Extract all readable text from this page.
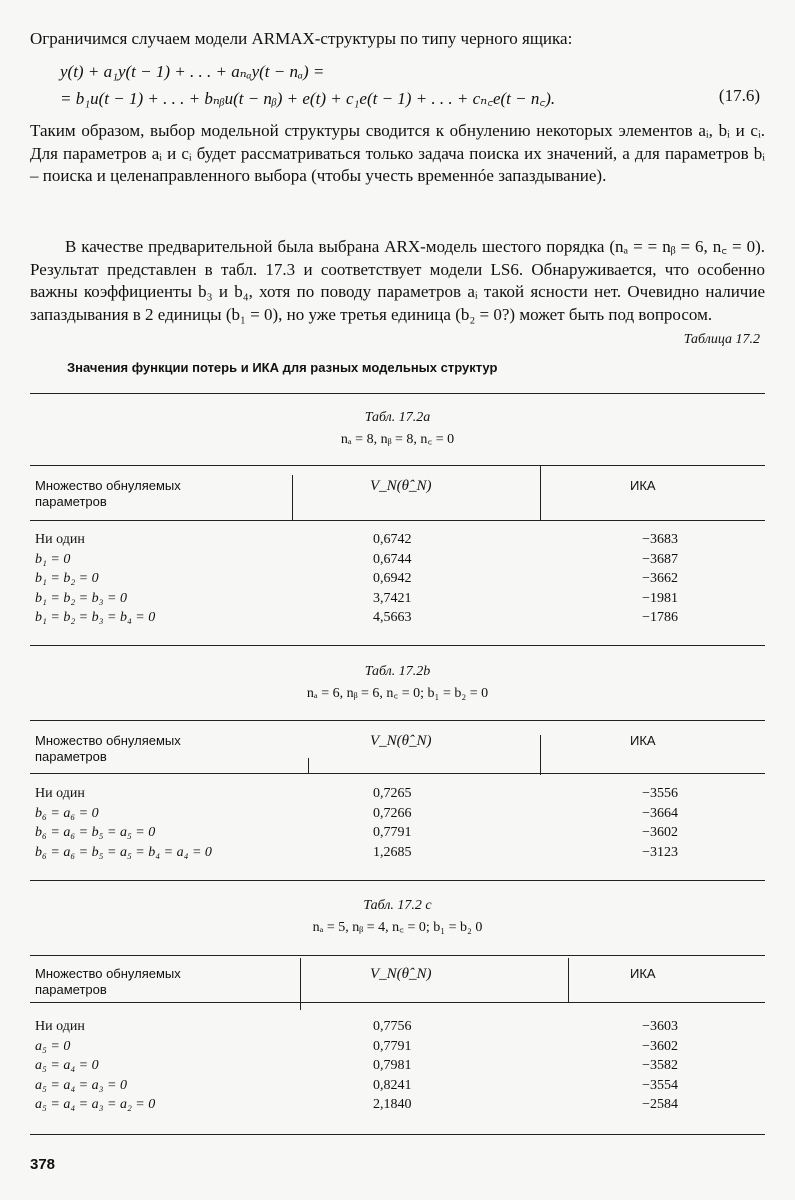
Ограничимся случаем модели ARMAX-структуры по типу черного ящика:

y(t) + a₁y(t − 1) + . . . + aₙₐy(t − nₐ) =
= b₁u(t − 1) + . . . + bₙᵦu(t − nᵦ) + e(t) + c₁e(t − 1) + . . . + cₙ꜀e(t − n꜀).	(17.6)

Таким образом, выбор модельной структуры сводится к обнулению некоторых элементов aᵢ, bᵢ и cᵢ. Для параметров aᵢ и cᵢ будет рассматриваться только задача поиска их значений, а для параметров bᵢ – поиска и целенаправленного выбора (чтобы учесть временнóе запаздывание).

В качестве предварительной была выбрана ARX-модель шестого порядка (nₐ = = nᵦ = 6, n꜀ = 0). Результат представлен в табл. 17.3 и соответствует модели LS6. Обнаруживается, что особенно важны коэффициенты b₃ и b₄, хотя по поводу параметров aᵢ такой ясности нет. Очевидно наличие запаздывания в 2 единицы (b₁ = 0), но уже третья единица (b₂ = 0?) может быть под вопросом.

Таблица 17.2
Значения функции потерь и ИКА для разных модельных структур
Табл. 17.2a
nₐ = 8, nᵦ = 8, n꜀ = 0
Множество обнуляемых параметров
V_N(θ̂_N)	ИКА
Ни один	0,6742	−3683
b₁ = 0	0,6744	−3687
b₁ = b₂ = 0	0,6942	−3662
b₁ = b₂ = b₃ = 0	3,7421	−1981
b₁ = b₂ = b₃ = b₄ = 0	4,5663	−1786
Табл. 17.2b
nₐ = 6, nᵦ = 6, n꜀ = 0; b₁ = b₂ = 0
Множество обнуляемых параметров
V_N(θ̂_N)	ИКА
Ни один	0,7265	−3556
b₆ = a₆ = 0	0,7266	−3664
b₆ = a₆ = b₅ = a₅ = 0	0,7791	−3602
b₆ = a₆ = b₅ = a₅ = b₄ = a₄ = 0	1,2685	−3123
Табл. 17.2 c
nₐ = 5, nᵦ = 4, n꜀ = 0; b₁ = b₂ 0
Множество обнуляемых параметров
V_N(θ̂_N)	ИКА
Ни один	0,7756	−3603
a₅ = 0	0,7791	−3602
a₅ = a₄ = 0	0,7981	−3582
a₅ = a₄ = a₃ = 0	0,8241	−3554
a₅ = a₄ = a₃ = a₂ = 0	2,1840	−2584
378
